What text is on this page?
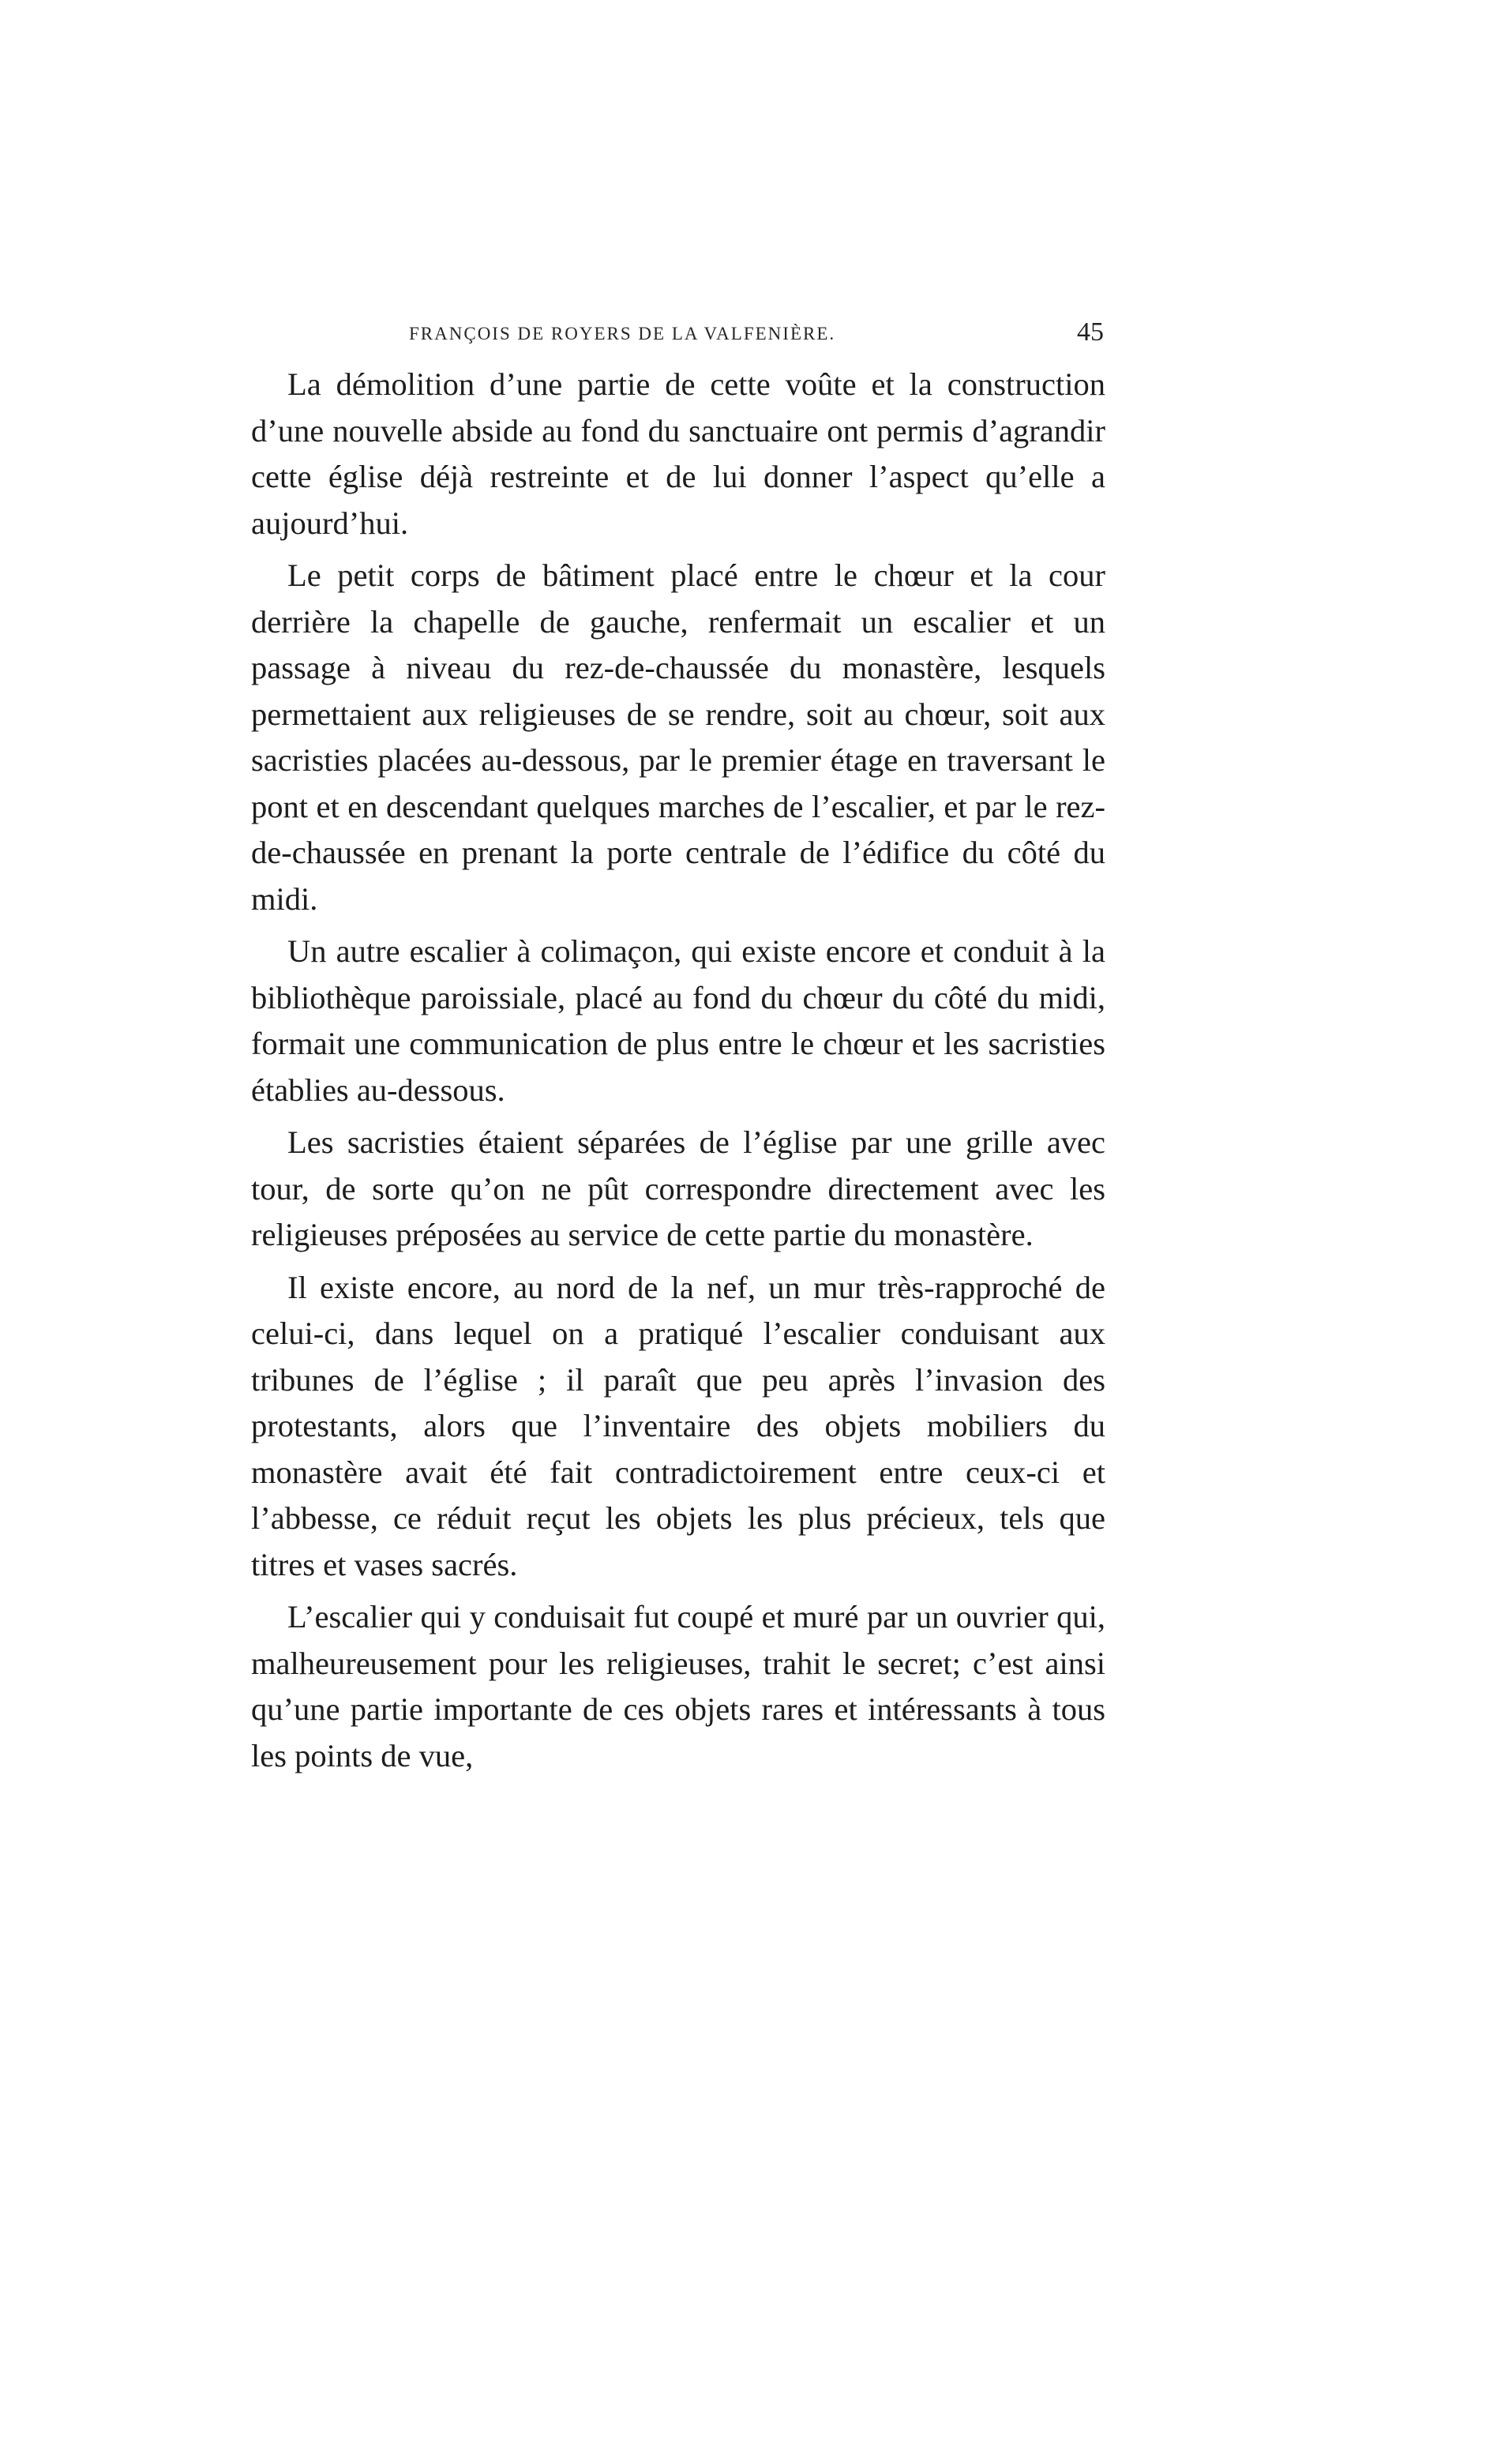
FRANÇOIS DE ROYERS DE LA VALFENIÈRE.	45

La démolition d’une partie de cette voûte et la construction d’une nouvelle abside au fond du sanctuaire ont permis d’agrandir cette église déjà restreinte et de lui donner l’aspect qu’elle a aujourd’hui.

Le petit corps de bâtiment placé entre le chœur et la cour derrière la chapelle de gauche, renfermait un escalier et un passage à niveau du rez-de-chaussée du monastère, lesquels permettaient aux religieuses de se rendre, soit au chœur, soit aux sacristies placées au-dessous, par le premier étage en traversant le pont et en descendant quelques marches de l’escalier, et par le rez-de-chaussée en prenant la porte centrale de l’édifice du côté du midi.

Un autre escalier à colimaçon, qui existe encore et conduit à la bibliothèque paroissiale, placé au fond du chœur du côté du midi, formait une communication de plus entre le chœur et les sacristies établies au-dessous.

Les sacristies étaient séparées de l’église par une grille avec tour, de sorte qu’on ne pût correspondre directement avec les religieuses préposées au service de cette partie du monastère.

Il existe encore, au nord de la nef, un mur très-rapproché de celui-ci, dans lequel on a pratiqué l’escalier conduisant aux tribunes de l’église ; il paraît que peu après l’invasion des protestants, alors que l’inventaire des objets mobiliers du monastère avait été fait contradictoirement entre ceux-ci et l’abbesse, ce réduit reçut les objets les plus précieux, tels que titres et vases sacrés.

L’escalier qui y conduisait fut coupé et muré par un ouvrier qui, malheureusement pour les religieuses, trahit le secret; c’est ainsi qu’une partie importante de ces objets rares et intéressants à tous les points de vue,
